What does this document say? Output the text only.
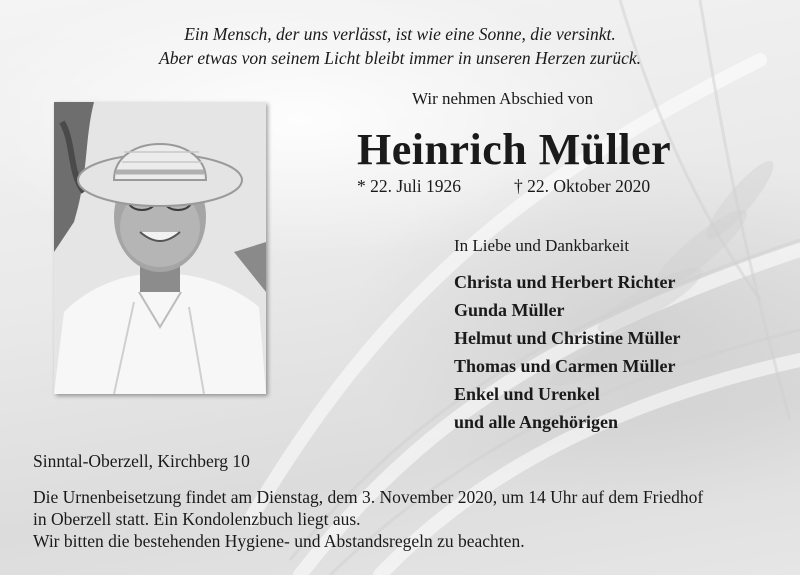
Ein Mensch, der uns verlässt, ist wie eine Sonne, die versinkt.
Aber etwas von seinem Licht bleibt immer in unseren Herzen zurück.
Wir nehmen Abschied von
Heinrich Müller
* 22. Juli 1926	† 22. Oktober 2020
In Liebe und Dankbarkeit
Christa und Herbert Richter
Gunda Müller
Helmut und Christine Müller
Thomas und Carmen Müller
Enkel und Urenkel
und alle Angehörigen
Sinntal-Oberzell, Kirchberg 10
Die Urnenbeisetzung findet am Dienstag, dem 3. November 2020, um 14 Uhr auf dem Friedhof
in Oberzell statt. Ein Kondolenzbuch liegt aus.
Wir bitten die bestehenden Hygiene- und Abstandsregeln zu beachten.
